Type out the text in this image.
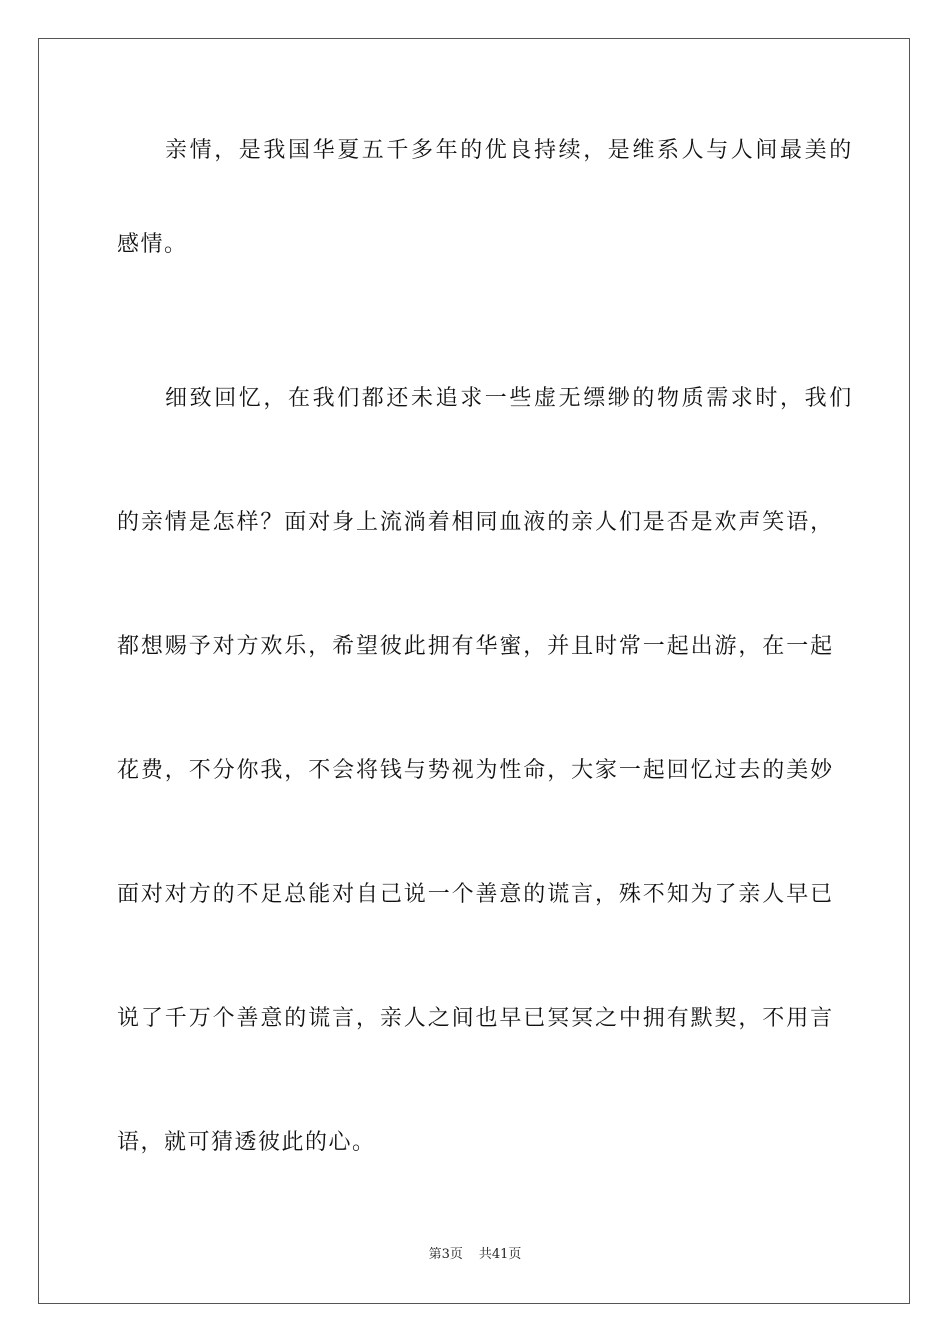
亲情，是我国华夏五千多年的优良持续，是维系人与人间最美的
感情。
细致回忆，在我们都还未追求一些虚无缥缈的物质需求时，我们
的亲情是怎样？面对身上流淌着相同血液的亲人们是否是欢声笑语，
都想赐予对方欢乐，希望彼此拥有华蜜，并且时常一起出游，在一起
花费，不分你我，不会将钱与势视为性命，大家一起回忆过去的美妙
面对对方的不足总能对自己说一个善意的谎言，殊不知为了亲人早已
说了千万个善意的谎言，亲人之间也早已冥冥之中拥有默契，不用言
语，就可猜透彼此的心。
第3页 共41页
